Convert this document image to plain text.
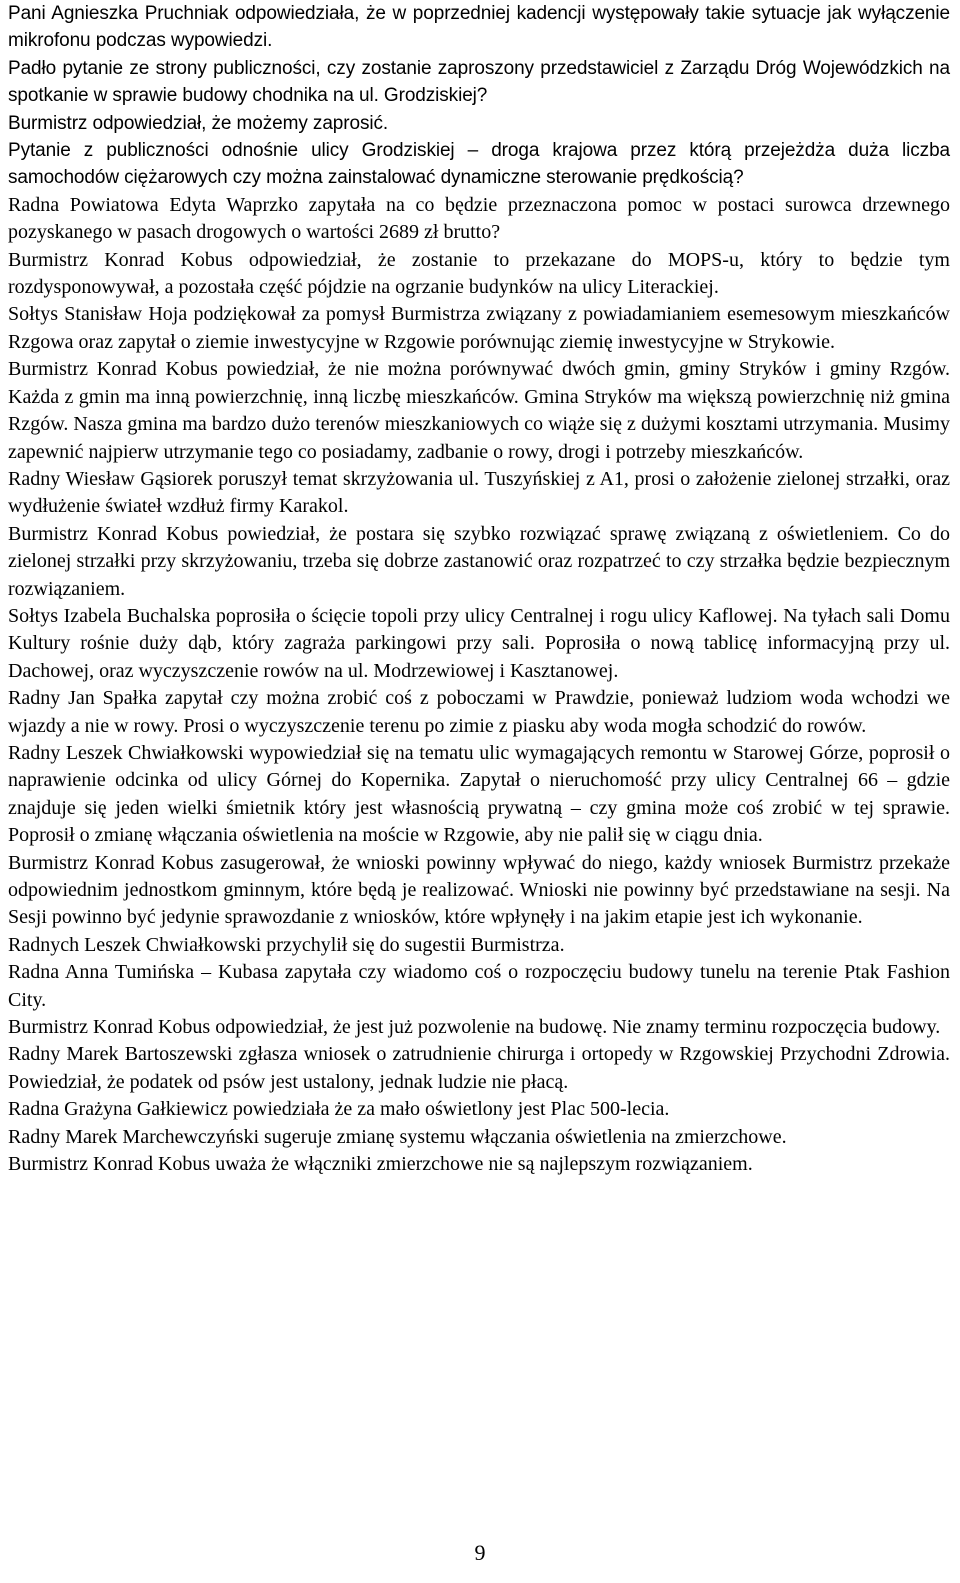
Pani Agnieszka Pruchniak odpowiedziała, że w poprzedniej kadencji występowały takie sytuacje jak wyłączenie mikrofonu podczas wypowiedzi.

Padło pytanie ze strony publiczności, czy zostanie zaproszony przedstawiciel z Zarządu Dróg Wojewódzkich na spotkanie w sprawie budowy chodnika na ul. Grodziskiej?

Burmistrz odpowiedział, że możemy zaprosić.

Pytanie z publiczności odnośnie ulicy Grodziskiej – droga krajowa przez którą przejeżdża duża liczba samochodów ciężarowych czy można zainstalować dynamiczne sterowanie prędkością?

Radna Powiatowa Edyta Waprzko zapytała na co będzie przeznaczona pomoc w postaci surowca drzewnego pozyskanego w pasach drogowych o wartości 2689 zł brutto?

Burmistrz Konrad Kobus odpowiedział, że zostanie to przekazane do MOPS-u, który to będzie tym rozdysponowywał, a pozostała część pójdzie na ogrzanie budynków na ulicy Literackiej.

Sołtys Stanisław Hoja podziękował za pomysł Burmistrza związany z powiadamianiem esemesowym mieszkańców Rzgowa oraz zapytał o ziemie inwestycyjne w Rzgowie porównując ziemię inwestycyjne w Strykowie.

Burmistrz Konrad Kobus powiedział, że nie można porównywać dwóch gmin, gminy Stryków i gminy Rzgów. Każda z gmin ma inną powierzchnię, inną liczbę mieszkańców. Gmina Stryków ma większą powierzchnię niż gmina Rzgów. Nasza gmina ma bardzo dużo terenów mieszkaniowych co wiąże się z dużymi kosztami utrzymania. Musimy zapewnić najpierw utrzymanie tego co posiadamy, zadbanie o rowy, drogi i potrzeby mieszkańców.

Radny Wiesław Gąsiorek poruszył temat skrzyżowania ul. Tuszyńskiej z A1, prosi o założenie zielonej strzałki, oraz wydłużenie świateł wzdłuż firmy Karakol.

Burmistrz Konrad Kobus powiedział, że postara się szybko rozwiązać sprawę związaną z oświetleniem. Co do zielonej strzałki przy skrzyżowaniu, trzeba się dobrze zastanowić oraz rozpatrzeć to czy strzałka będzie bezpiecznym rozwiązaniem.

Sołtys Izabela Buchalska poprosiła o ścięcie topoli przy ulicy Centralnej i rogu ulicy Kaflowej. Na tyłach sali Domu Kultury rośnie duży dąb, który zagraża parkingowi przy sali. Poprosiła o nową tablicę informacyjną przy ul. Dachowej, oraz wyczyszczenie rowów na ul. Modrzewiowej i Kasztanowej.

Radny Jan Spałka zapytał czy można zrobić coś z poboczami w Prawdzie, ponieważ ludziom woda wchodzi we wjazdy a nie w rowy. Prosi o wyczyszczenie terenu po zimie z piasku aby woda mogła schodzić do rowów.

Radny Leszek Chwiałkowski wypowiedział się na tematu ulic wymagających remontu w Starowej Górze, poprosił o naprawienie odcinka od ulicy Górnej do Kopernika. Zapytał o nieruchomość przy ulicy Centralnej 66 – gdzie znajduje się jeden wielki śmietnik który jest własnością prywatną – czy gmina może coś zrobić w tej sprawie. Poprosił o zmianę włączania oświetlenia na moście w Rzgowie, aby nie palił się w ciągu dnia.

Burmistrz Konrad Kobus zasugerował, że wnioski powinny wpływać do niego, każdy wniosek Burmistrz przekaże odpowiednim jednostkom gminnym, które będą je realizować. Wnioski nie powinny być przedstawiane na sesji. Na Sesji powinno być jedynie sprawozdanie z wniosków, które wpłynęły i na jakim etapie jest ich wykonanie.

Radnych Leszek Chwiałkowski przychylił się do sugestii Burmistrza.

Radna Anna Tumińska – Kubasa zapytała czy wiadomo coś o rozpoczęciu budowy tunelu na terenie Ptak Fashion City.

Burmistrz Konrad Kobus odpowiedział, że jest już pozwolenie na budowę. Nie znamy terminu rozpoczęcia budowy.

Radny Marek Bartoszewski zgłasza wniosek o zatrudnienie chirurga i ortopedy w Rzgowskiej Przychodni Zdrowia. Powiedział, że podatek od psów jest ustalony, jednak ludzie nie płacą.

Radna Grażyna Gałkiewicz powiedziała że za mało oświetlony jest Plac 500-lecia.

Radny Marek Marchewczyński sugeruje zmianę systemu włączania oświetlenia na zmierzchowe.

Burmistrz Konrad Kobus uważa że włączniki zmierzchowe nie są najlepszym rozwiązaniem.

9
